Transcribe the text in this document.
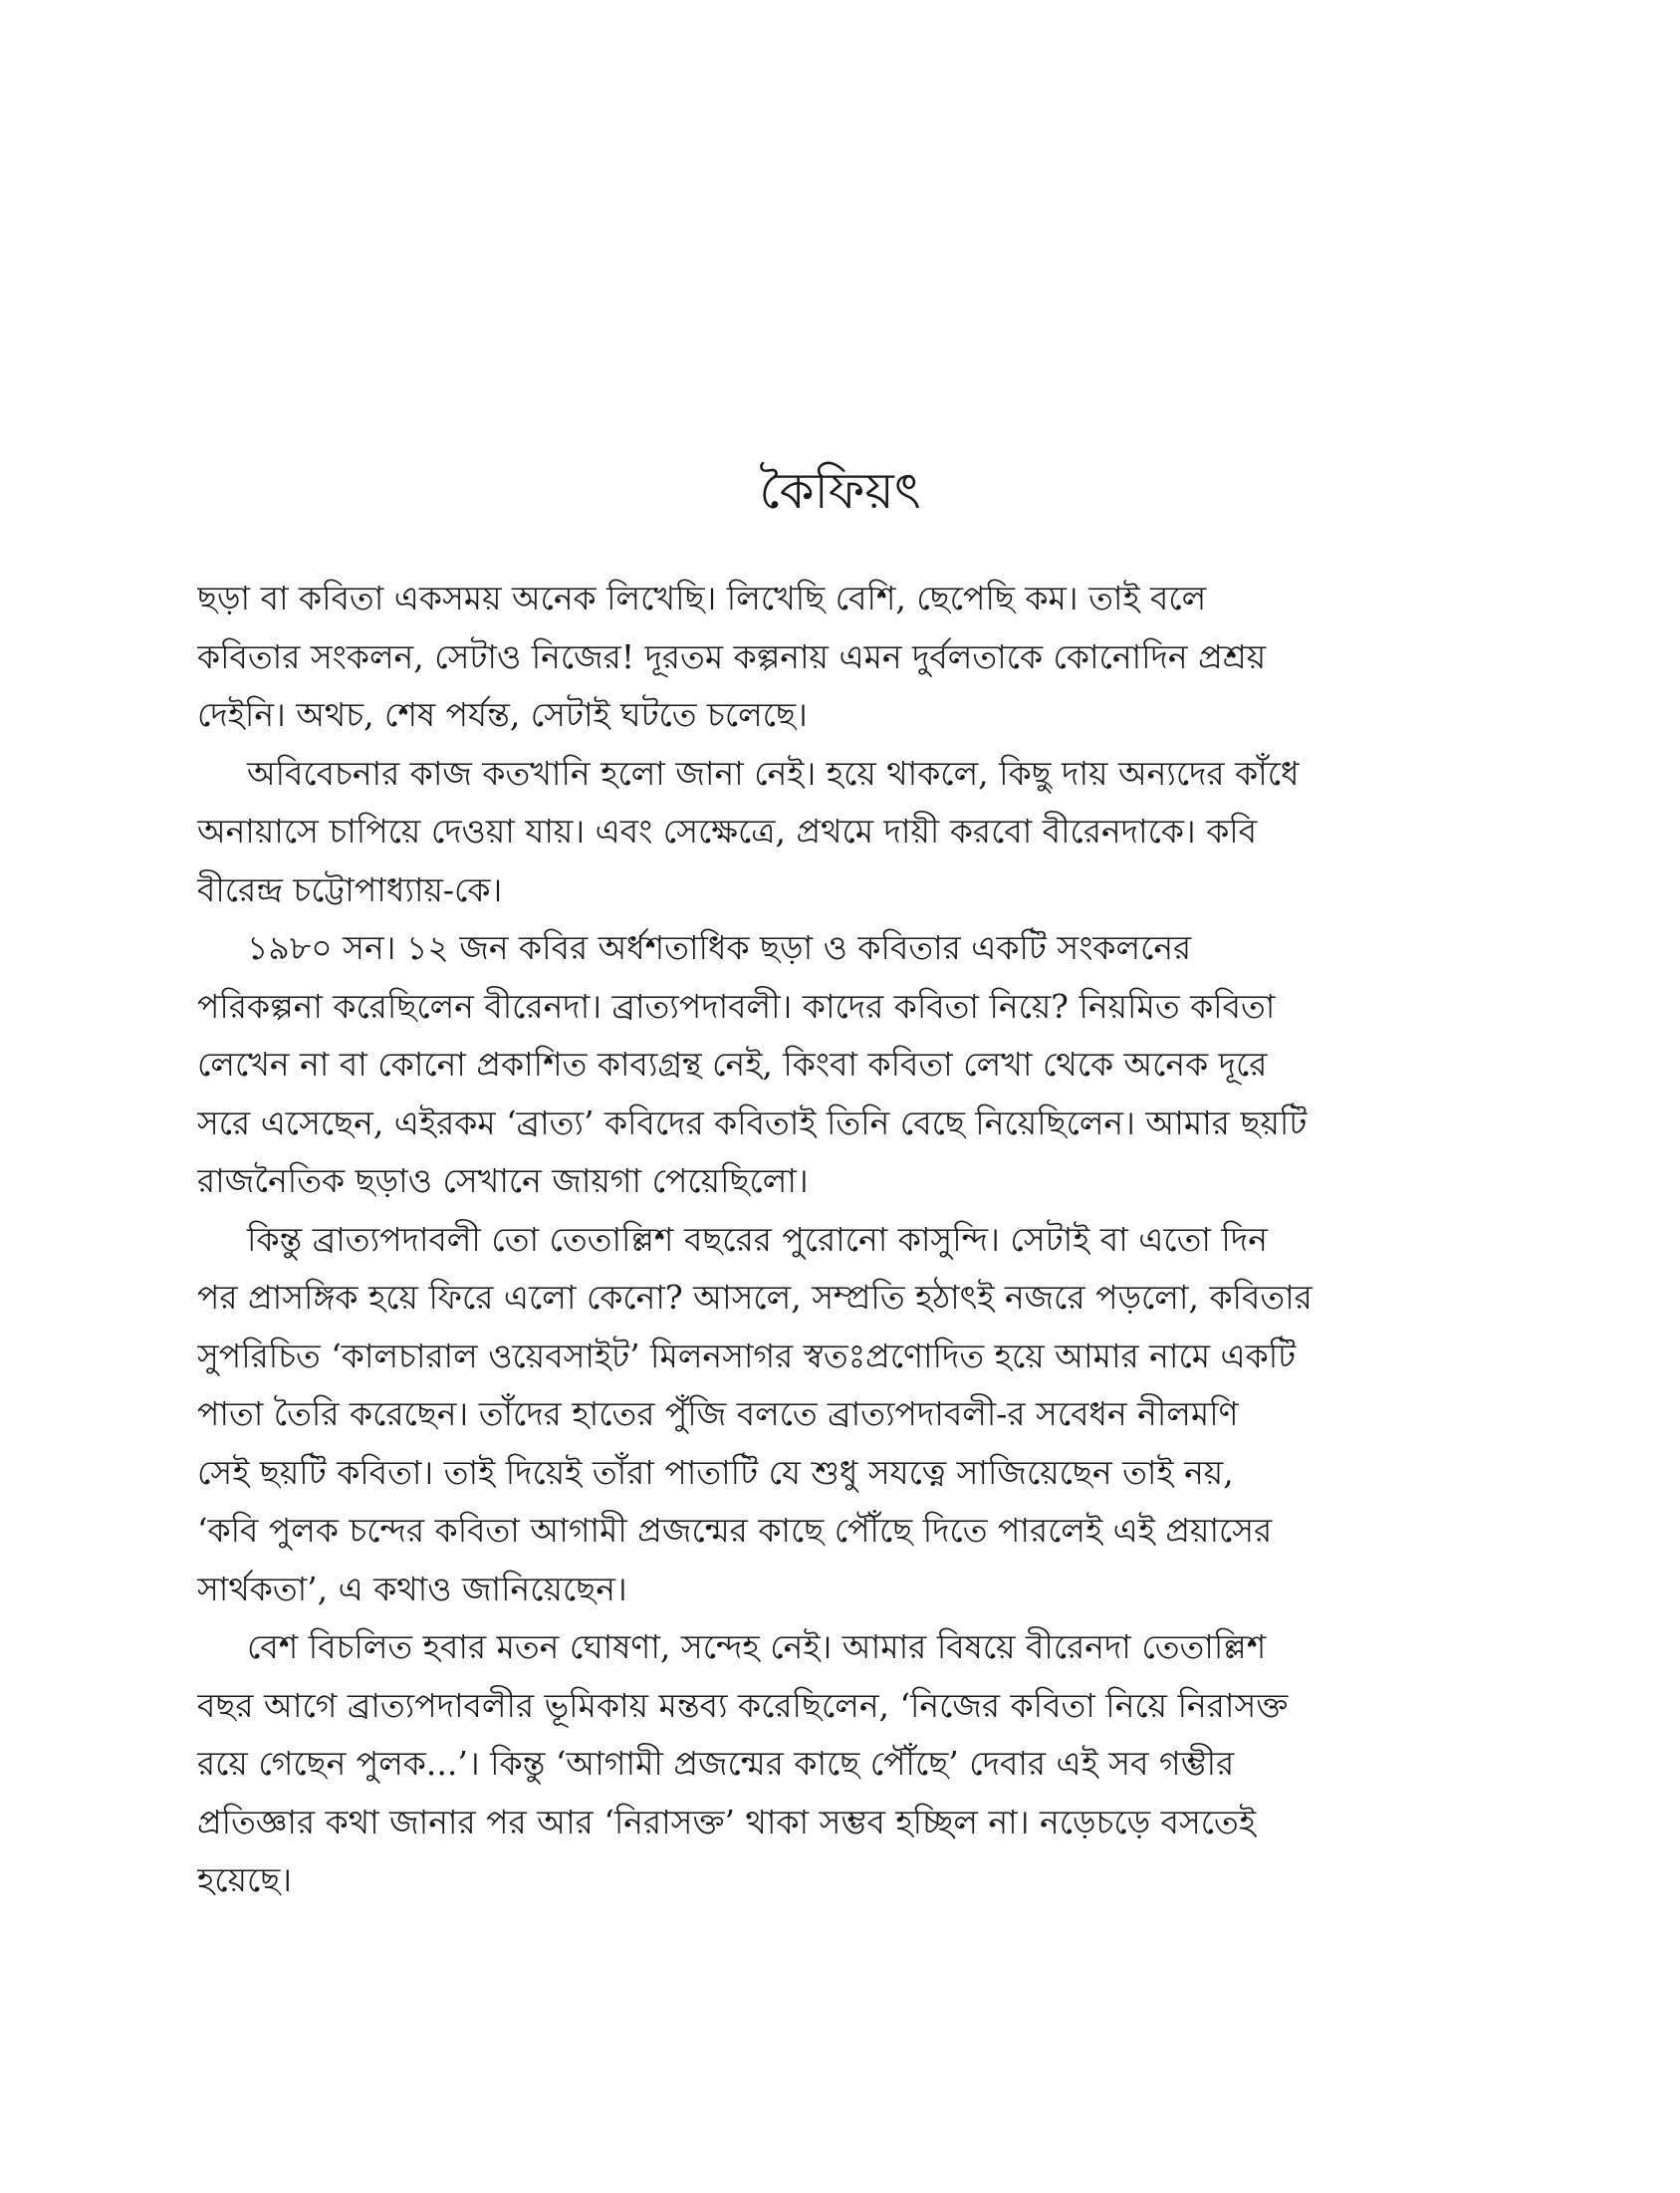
কৈফিয়ৎ

ছড়া বা কবিতা একসময় অনেক লিখেছি। লিখেছি বেশি, ছেপেছি কম। তাই বলে
কবিতার সংকলন, সেটাও নিজের! দূরতম কল্পনায় এমন দুর্বলতাকে কোনোদিন প্রশ্রয়
দেইনি। অথচ, শেষ পর্যন্ত, সেটাই ঘটতে চলেছে।

অবিবেচনার কাজ কতখানি হলো জানা নেই। হয়ে থাকলে, কিছু দায় অন্যদের কাঁধে
অনায়াসে চাপিয়ে দেওয়া যায়। এবং সেক্ষেত্রে, প্রথমে দায়ী করবো বীরেনদাকে। কবি
বীরেন্দ্র চট্টোপাধ্যায়-কে।

১৯৮০ সন। ১২ জন কবির অর্ধশতাধিক ছড়া ও কবিতার একটি সংকলনের
পরিকল্পনা করেছিলেন বীরেনদা। ব্রাত্যপদাবলী। কাদের কবিতা নিয়ে? নিয়মিত কবিতা
লেখেন না বা কোনো প্রকাশিত কাব্যগ্রন্থ নেই, কিংবা কবিতা লেখা থেকে অনেক দূরে
সরে এসেছেন, এইরকম ‘ব্রাত্য’ কবিদের কবিতাই তিনি বেছে নিয়েছিলেন। আমার ছয়টি
রাজনৈতিক ছড়াও সেখানে জায়গা পেয়েছিলো।

কিন্তু ব্রাত্যপদাবলী তো তেতাল্লিশ বছরের পুরোনো কাসুন্দি। সেটাই বা এতো দিন
পর প্রাসঙ্গিক হয়ে ফিরে এলো কেনো? আসলে, সম্প্রতি হঠাৎই নজরে পড়লো, কবিতার
সুপরিচিত ‘কালচারাল ওয়েবসাইট’ মিলনসাগর স্বতঃপ্রণোদিত হয়ে আমার নামে একটি
পাতা তৈরি করেছেন। তাঁদের হাতের পুঁজি বলতে ব্রাত্যপদাবলী-র সবেধন নীলমণি
সেই ছয়টি কবিতা। তাই দিয়েই তাঁরা পাতাটি যে শুধু সযত্নে সাজিয়েছেন তাই নয়,
‘কবি পুলক চন্দের কবিতা আগামী প্রজন্মের কাছে পৌঁছে দিতে পারলেই এই প্রয়াসের
সার্থকতা’, এ কথাও জানিয়েছেন।

বেশ বিচলিত হবার মতন ঘোষণা, সন্দেহ নেই। আমার বিষয়ে বীরেনদা তেতাল্লিশ
বছর আগে ব্রাত্যপদাবলীর ভূমিকায় মন্তব্য করেছিলেন, ‘নিজের কবিতা নিয়ে নিরাসক্ত
রয়ে গেছেন পুলক...’। কিন্তু ‘আগামী প্রজন্মের কাছে পৌঁছে’ দেবার এই সব গম্ভীর
প্রতিজ্ঞার কথা জানার পর আর ‘নিরাসক্ত’ থাকা সম্ভব হচ্ছিল না। নড়েচড়ে বসতেই
হয়েছে।
